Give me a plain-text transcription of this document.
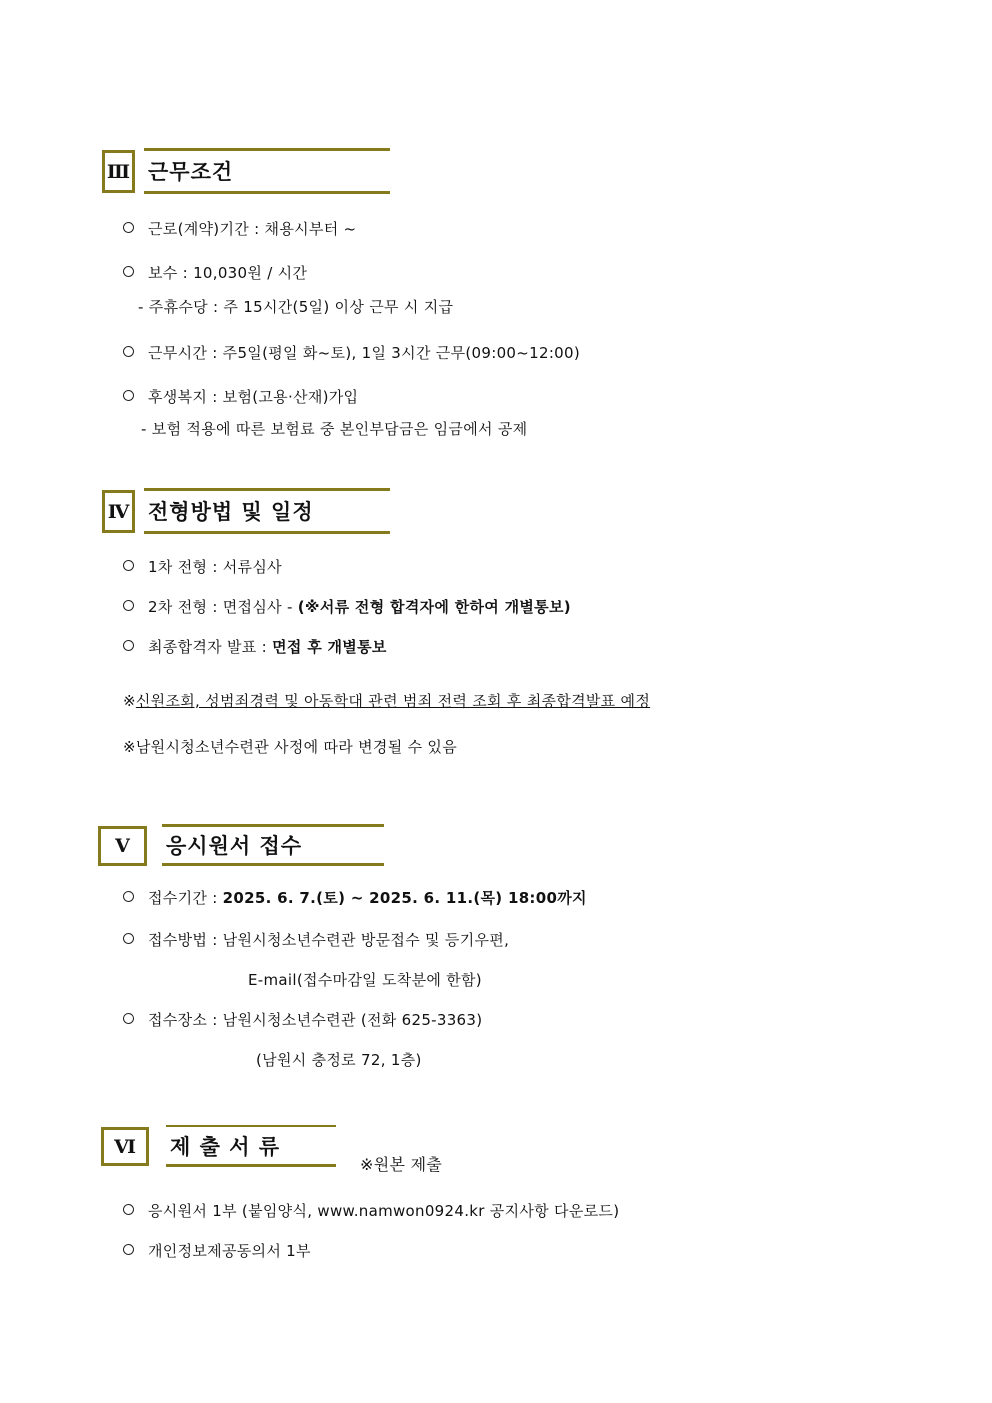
Ⅲ 근무조건
근로(계약)기간 : 채용시부터 ~
보수 : 10,030원 / 시간
- 주휴수당 : 주 15시간(5일) 이상 근무 시 지급
근무시간 : 주5일(평일 화~토), 1일 3시간 근무(09:00~12:00)
후생복지 : 보험(고용·산재)가입
- 보험 적용에 따른 보험료 중 본인부담금은 임금에서 공제
Ⅳ 전형방법 및 일정
1차 전형 : 서류심사
2차 전형 : 면접심사 - (※서류 전형 합격자에 한하여 개별통보)
최종합격자 발표 : 면접 후 개별통보
※신원조회, 성범죄경력 및 아동학대 관련 범죄 전력 조회 후 최종합격발표 예정
※남원시청소년수련관 사정에 따라 변경될 수 있음
Ⅴ	응시원서 접수
접수기간 : 2025. 6. 7.(토) ~ 2025. 6. 11.(목) 18:00까지
접수방법 : 남원시청소년수련관 방문접수 및 등기우편,
E-mail(접수마감일 도착분에 한함)
접수장소 : 남원시청소년수련관 (전화 625-3363)
(남원시 충정로 72, 1층)
Ⅵ	제 출 서 류
※원본 제출
응시원서 1부 (붙임양식, www.namwon0924.kr 공지사항 다운로드)
개인정보제공동의서 1부
